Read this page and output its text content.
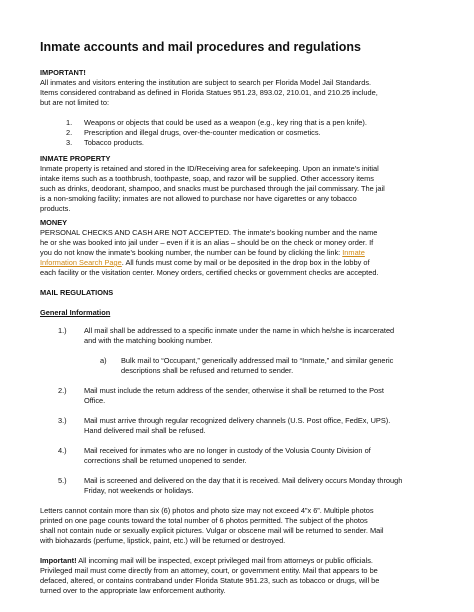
Inmate accounts and mail procedures and regulations
IMPORTANT!
All inmates and visitors entering the institution are subject to search per Florida Model Jail Standards.
Items considered contraband as defined in Florida Statues 951.23, 893.02, 210.01, and 210.25 include,
but are not limited to:
1. Weapons or objects that could be used as a weapon (e.g., key ring that is a pen knife).
2. Prescription and illegal drugs, over-the-counter medication or cosmetics.
3. Tobacco products.
INMATE PROPERTY
Inmate property is retained and stored in the ID/Receiving area for safekeeping. Upon an inmate’s initial
intake items such as a toothbrush, toothpaste, soap, and razor will be supplied. Other accessory items
such as drinks, deodorant, shampoo, and snacks must be purchased through the jail commissary. The jail
is a non-smoking facility; inmates are not allowed to purchase nor have cigarettes or any tobacco
products.
MONEY
PERSONAL CHECKS AND CASH ARE NOT ACCEPTED. The inmate’s booking number and the name
he or she was booked into jail under – even if it is an alias – should be on the check or money order. If
you do not know the inmate’s booking number, the number can be found by clicking the link: Inmate
Information Search Page. All funds must come by mail or be deposited in the drop box in the lobby of
each facility or the visitation center. Money orders, certified checks or government checks are accepted.
MAIL REGULATIONS
General Information
1.) All mail shall be addressed to a specific inmate under the name in which he/she is incarcerated
and with the matching booking number.
a) Bulk mail to “Occupant,” generically addressed mail to “Inmate,” and similar generic
descriptions shall be refused and returned to sender.
2.) Mail must include the return address of the sender, otherwise it shall be returned to the Post
Office.
3.) Mail must arrive through regular recognized delivery channels (U.S. Post office, FedEx, UPS).
Hand delivered mail shall be refused.
4.) Mail received for inmates who are no longer in custody of the Volusia County Division of
corrections shall be returned unopened to sender.
5.) Mail is screened and delivered on the day that it is received. Mail delivery occurs Monday through
Friday, not weekends or holidays.
Letters cannot contain more than six (6) photos and photo size may not exceed 4”x 6”. Multiple photos
printed on one page counts toward the total number of 6 photos permitted. The subject of the photos
shall not contain nude or sexually explicit pictures. Vulgar or obscene mail will be returned to sender. Mail
with biohazards (perfume, lipstick, paint, etc.) will be returned or destroyed.
Important! All incoming mail will be inspected, except privileged mail from attorneys or public officials.
Privileged mail must come directly from an attorney, court, or government entity. Mail that appears to be
defaced, altered, or contains contraband under Florida Statute 951.23, such as tobacco or drugs, will be
turned over to the appropriate law enforcement authority.
